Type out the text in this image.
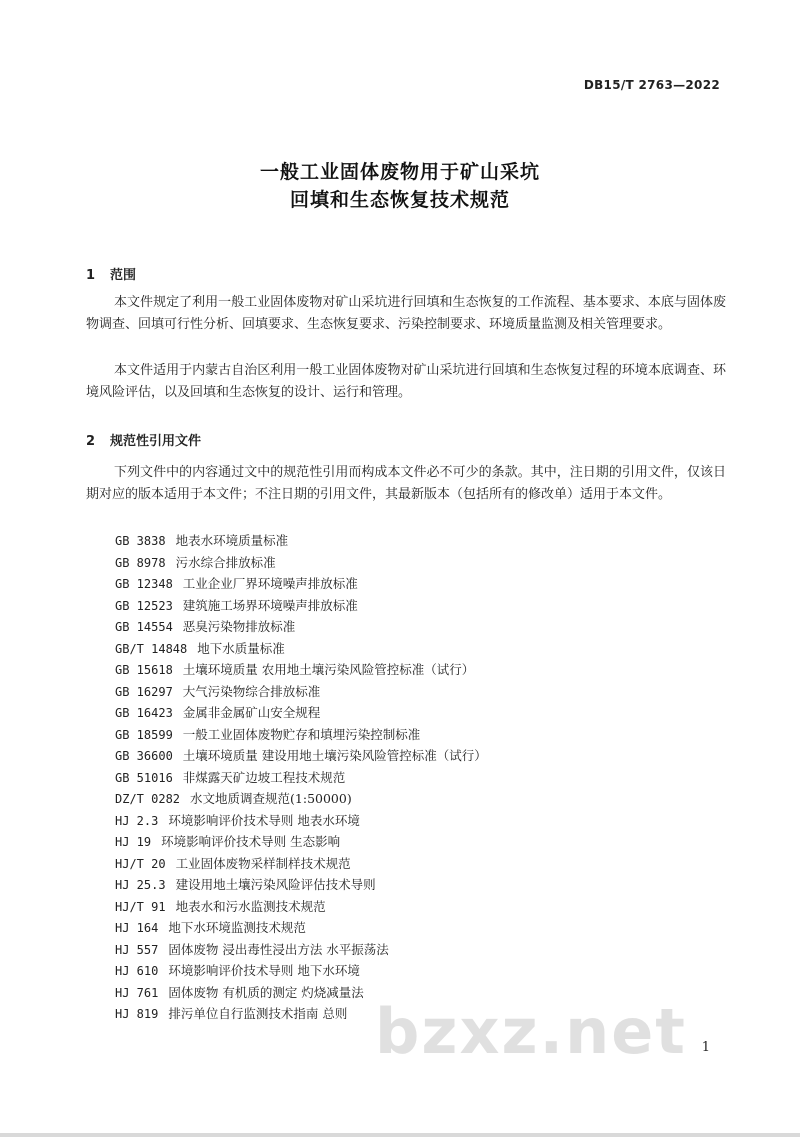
DB15/T 2763—2022
一般工业固体废物用于矿山采坑
回填和生态恢复技术规范
1 范围

本文件规定了利用一般工业固体废物对矿山采坑进行回填和生态恢复的工作流程、基本要求、本底与固体废物调查、回填可行性分析、回填要求、生态恢复要求、污染控制要求、环境质量监测及相关管理要求。

本文件适用于内蒙古自治区利用一般工业固体废物对矿山采坑进行回填和生态恢复过程的环境本底调查、环境风险评估，以及回填和生态恢复的设计、运行和管理。

2 规范性引用文件

下列文件中的内容通过文中的规范性引用而构成本文件必不可少的条款。其中，注日期的引用文件，仅该日期对应的版本适用于本文件；不注日期的引用文件，其最新版本（包括所有的修改单）适用于本文件。

GB 3838 地表水环境质量标准
GB 8978 污水综合排放标准
GB 12348 工业企业厂界环境噪声排放标准
GB 12523 建筑施工场界环境噪声排放标准
GB 14554 恶臭污染物排放标准
GB/T 14848 地下水质量标准
GB 15618 土壤环境质量 农用地土壤污染风险管控标准（试行）
GB 16297 大气污染物综合排放标准
GB 16423 金属非金属矿山安全规程
GB 18599 一般工业固体废物贮存和填埋污染控制标准
GB 36600 土壤环境质量 建设用地土壤污染风险管控标准（试行）
GB 51016 非煤露天矿边坡工程技术规范
DZ/T 0282 水文地质调查规范(1:50000)
HJ 2.3 环境影响评价技术导则 地表水环境
HJ 19 环境影响评价技术导则 生态影响
HJ/T 20 工业固体废物采样制样技术规范
HJ 25.3 建设用地土壤污染风险评估技术导则
HJ/T 91 地表水和污水监测技术规范
HJ 164 地下水环境监测技术规范
HJ 557 固体废物 浸出毒性浸出方法 水平振荡法
HJ 610 环境影响评价技术导则 地下水环境
HJ 761 固体废物 有机质的测定 灼烧减量法
HJ 819 排污单位自行监测技术指南 总则 bzxz.net 1
